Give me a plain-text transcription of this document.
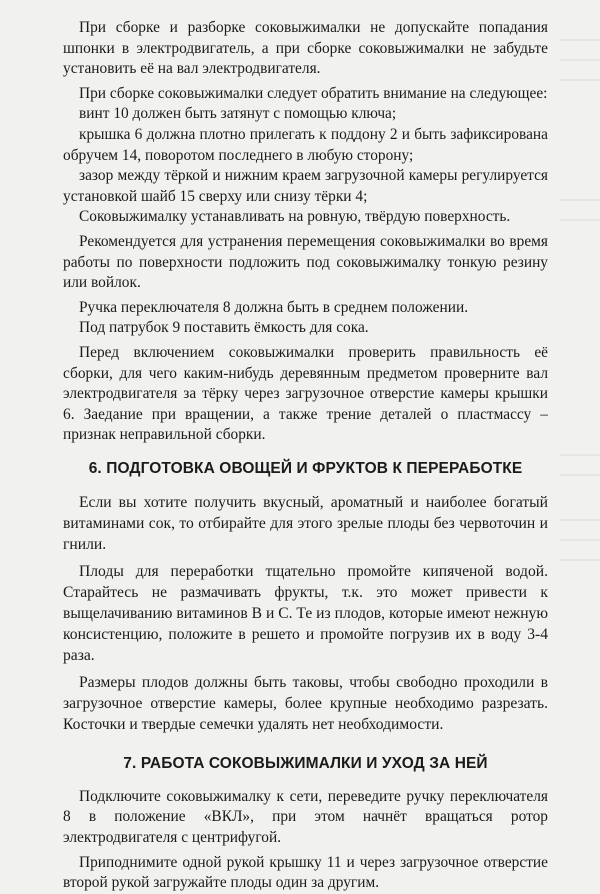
При сборке и разборке соковыжималки не допускайте попадания шпонки в электродвигатель, а при сборке соковыжималки не забудьте установить её на вал электродвигателя.

При сборке соковыжималки следует обратить внимание на следующее:

винт 10 должен быть затянут с помощью ключа;

крышка 6 должна плотно прилегать к поддону 2 и быть зафиксирована обручем 14, поворотом последнего в любую сторону;

зазор между тёркой и нижним краем загрузочной камеры регулируется установкой шайб 15 сверху или снизу тёрки 4;

Соковыжималку устанавливать на ровную, твёрдую поверхность.

Рекомендуется для устранения перемещения соковыжималки во время работы по поверхности подложить под соковыжималку тонкую резину или войлок.

Ручка переключателя 8 должна быть в среднем положении.

Под патрубок 9 поставить ёмкость для сока.

Перед включением соковыжималки проверить правильность её сборки, для чего каким-нибудь деревянным предметом проверните вал электродвигателя за тёрку через загрузочное отверстие камеры крышки 6. Заедание при вращении, а также трение деталей о пластмассу – признак неправильной сборки.

6. ПОДГОТОВКА ОВОЩЕЙ И ФРУКТОВ К ПЕРЕРАБОТКЕ

Если вы хотите получить вкусный, ароматный и наиболее богатый витаминами сок, то отбирайте для этого зрелые плоды без червоточин и гнили.

Плоды для переработки тщательно промойте кипяченой водой. Старайтесь не размачивать фрукты, т.к. это может привести к выщелачиванию витаминов В и С. Те из плодов, которые имеют нежную консистенцию, положите в решето и промойте погрузив их в воду 3-4 раза.

Размеры плодов должны быть таковы, чтобы свободно проходили в загрузочное отверстие камеры, более крупные необходимо разрезать. Косточки и твердые семечки удалять нет необходимости.

7. РАБОТА СОКОВЫЖИМАЛКИ И УХОД ЗА НЕЙ

Подключите соковыжималку к сети, переведите ручку переключателя 8 в положение «ВКЛ», при этом начнёт вращаться ротор электродвигателя с центрифугой.

Приподнимите одной рукой крышку 11 и через загрузочное отверстие второй рукой загружайте плоды один за другим.
